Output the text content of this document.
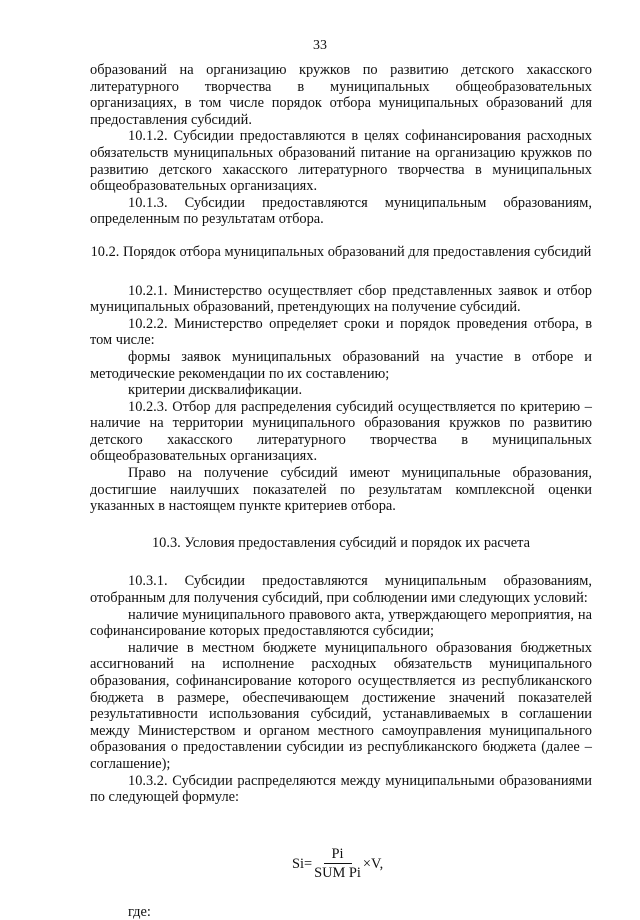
33

образований на организацию кружков по развитию детского хакасского литературного творчества в муниципальных общеобразовательных организациях, в том числе порядок отбора муниципальных образований для предоставления субсидий.

10.1.2. Субсидии предоставляются в целях софинансирования расходных обязательств муниципальных образований питание на организацию кружков по развитию детского хакасского литературного творчества в муниципальных общеобразовательных организациях.

10.1.3. Субсидии предоставляются муниципальным образованиям, определенным по результатам отбора.

10.2. Порядок отбора муниципальных образований для предоставления субсидий

10.2.1. Министерство осуществляет сбор представленных заявок и отбор муниципальных образований, претендующих на получение субсидий.

10.2.2. Министерство определяет сроки и порядок проведения отбора, в том числе:

формы заявок муниципальных образований на участие в отборе и методические рекомендации по их составлению;

критерии дисквалификации.

10.2.3. Отбор для распределения субсидий осуществляется по критерию – наличие на территории муниципального образования кружков по развитию детского хакасского литературного творчества в муниципальных общеобразовательных организациях.

Право на получение субсидий имеют муниципальные образования, достигшие наилучших показателей по результатам комплексной оценки указанных в настоящем пункте критериев отбора.

10.3. Условия предоставления субсидий и порядок их расчета

10.3.1. Субсидии предоставляются муниципальным образованиям, отобранным для получения субсидий, при соблюдении ими следующих условий:

наличие муниципального правового акта, утверждающего мероприятия, на софинансирование которых предоставляются субсидии;

наличие в местном бюджете муниципального образования бюджетных ассигнований на исполнение расходных обязательств муниципального образования, софинансирование которого осуществляется из республиканского бюджета в размере, обеспечивающем достижение значений показателей результативности использования субсидий, устанавливаемых в соглашении между Министерством и органом местного самоуправления муниципального образования о предоставлении субсидии из республиканского бюджета (далее – соглашение);

10.3.2. Субсидии распределяются между муниципальными образованиями по следующей формуле:

$Si= \frac{Pi}{\text{SUM Pi}} \times V$,

где:
